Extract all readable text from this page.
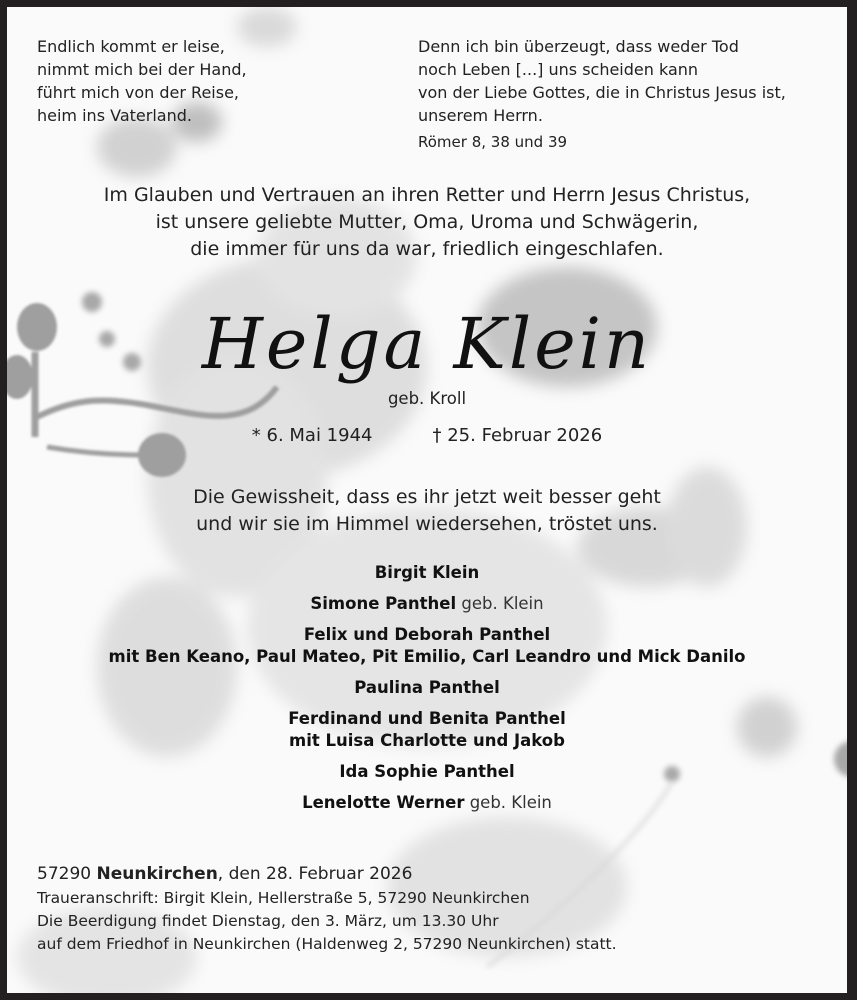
Endlich kommt er leise,
nimmt mich bei der Hand,
führt mich von der Reise,
heim ins Vaterland.
Denn ich bin überzeugt, dass weder Tod
noch Leben [...] uns scheiden kann
von der Liebe Gottes, die in Christus Jesus ist,
unserem Herrn.
Römer 8, 38 und 39
Im Glauben und Vertrauen an ihren Retter und Herrn Jesus Christus,
ist unsere geliebte Mutter, Oma, Uroma und Schwägerin,
die immer für uns da war, friedlich eingeschlafen.
Helga Klein
geb. Kroll
* 6. Mai 1944	† 25. Februar 2026
Die Gewissheit, dass es ihr jetzt weit besser geht
und wir sie im Himmel wiedersehen, tröstet uns.
Birgit Klein
Simone Panthel geb. Klein
Felix und Deborah Panthel
mit Ben Keano, Paul Mateo, Pit Emilio, Carl Leandro und Mick Danilo
Paulina Panthel
Ferdinand und Benita Panthel
mit Luisa Charlotte und Jakob
Ida Sophie Panthel
Lenelotte Werner geb. Klein
57290 Neunkirchen, den 28. Februar 2026
Traueranschrift: Birgit Klein, Hellerstraße 5, 57290 Neunkirchen
Die Beerdigung findet Dienstag, den 3. März, um 13.30 Uhr
auf dem Friedhof in Neunkirchen (Haldenweg 2, 57290 Neunkirchen) statt.
